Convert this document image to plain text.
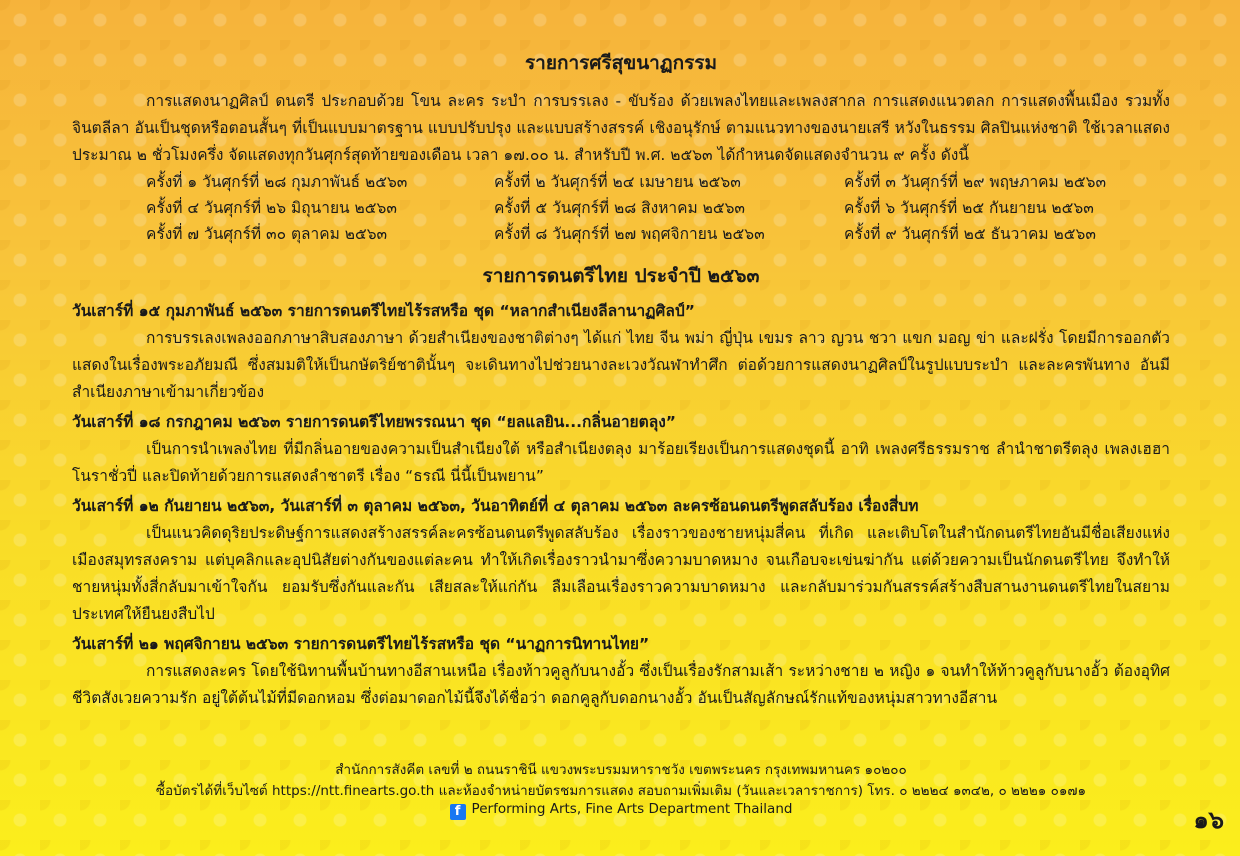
รายการศรีสุขนาฏกรรม

การแสดงนาฏศิลป์ ดนตรี ประกอบด้วย โขน ละคร ระบำ การบรรเลง - ขับร้อง ด้วยเพลงไทยและเพลงสากล การแสดงแนวตลก การแสดงพื้นเมือง รวมทั้งจินตลีลา อันเป็นชุดหรือตอนสั้นๆ ที่เป็นแบบมาตรฐาน แบบปรับปรุง และแบบสร้างสรรค์ เชิงอนุรักษ์ ตามแนวทางของนายเสรี หวังในธรรม ศิลปินแห่งชาติ ใช้เวลาแสดงประมาณ ๒ ชั่วโมงครึ่ง จัดแสดงทุกวันศุกร์สุดท้ายของเดือน เวลา ๑๗.๐๐ น. สำหรับปี พ.ศ. ๒๕๖๓ ได้กำหนดจัดแสดงจำนวน ๙ ครั้ง ดังนี้

ครั้งที่ ๑ วันศุกร์ที่ ๒๘ กุมภาพันธ์ ๒๕๖๓	ครั้งที่ ๒ วันศุกร์ที่ ๒๔ เมษายน ๒๕๖๓	ครั้งที่ ๓ วันศุกร์ที่ ๒๙ พฤษภาคม ๒๕๖๓
ครั้งที่ ๔ วันศุกร์ที่ ๒๖ มิถุนายน ๒๕๖๓	ครั้งที่ ๕ วันศุกร์ที่ ๒๘ สิงหาคม ๒๕๖๓	ครั้งที่ ๖ วันศุกร์ที่ ๒๕ กันยายน ๒๕๖๓
ครั้งที่ ๗ วันศุกร์ที่ ๓๐ ตุลาคม ๒๕๖๓	ครั้งที่ ๘ วันศุกร์ที่ ๒๗ พฤศจิกายน ๒๕๖๓	ครั้งที่ ๙ วันศุกร์ที่ ๒๕ ธันวาคม ๒๕๖๓
รายการดนตรีไทย ประจำปี ๒๕๖๓
วันเสาร์ที่ ๑๕ กุมภาพันธ์ ๒๕๖๓ รายการดนตรีไทยไร้รสหรือ ชุด “หลากสำเนียงลีลานาฏศิลป์”

การบรรเลงเพลงออกภาษาสิบสองภาษา ด้วยสำเนียงของชาติต่างๆ ได้แก่ ไทย จีน พม่า ญี่ปุ่น เขมร ลาว ญวน ชวา แขก มอญ ข่า และฝรั่ง โดยมีการออกตัวแสดงในเรื่องพระอภัยมณี ซึ่งสมมติให้เป็นกษัตริย์ชาตินั้นๆ จะเดินทางไปช่วยนางละเวงวัณฬาทำศึก ต่อด้วยการแสดงนาฏศิลป์ในรูปแบบระบำ และละครพันทาง อันมีสำเนียงภาษาเข้ามาเกี่ยวข้อง

วันเสาร์ที่ ๑๘ กรกฎาคม ๒๕๖๓ รายการดนตรีไทยพรรณนา ชุด “ยลแลยิน...กลิ่นอายตลุง”

เป็นการนำเพลงไทย ที่มีกลิ่นอายของความเป็นสำเนียงใต้ หรือสำเนียงตลุง มาร้อยเรียงเป็นการแสดงชุดนี้ อาทิ เพลงศรีธรรมราช ลำนำชาตรีตลุง เพลงเฮฮาโนราชั่วปี่ และปิดท้ายด้วยการแสดงลำชาตรี เรื่อง “ธรณี นี่นี้เป็นพยาน”

วันเสาร์ที่ ๑๒ กันยายน ๒๕๖๓, วันเสาร์ที่ ๓ ตุลาคม ๒๕๖๓, วันอาทิตย์ที่ ๔ ตุลาคม ๒๕๖๓ ละครซ้อนดนตรีพูดสลับร้อง เรื่องสี่บท

เป็นแนวคิดดุริยประดิษฐ์การแสดงสร้างสรรค์ละครซ้อนดนตรีพูดสลับร้อง เรื่องราวของชายหนุ่มสี่คน ที่เกิด และเติบโตในสำนักดนตรีไทยอันมีชื่อเสียงแห่งเมืองสมุทรสงคราม แต่บุคลิกและอุปนิสัยต่างกันของแต่ละคน ทำให้เกิดเรื่องราวนำมาซึ่งความบาดหมาง จนเกือบจะเข่นฆ่ากัน แต่ด้วยความเป็นนักดนตรีไทย จึงทำให้ชายหนุ่มทั้งสี่กลับมาเข้าใจกัน ยอมรับซึ่งกันและกัน เสียสละให้แก่กัน ลืมเลือนเรื่องราวความบาดหมาง และกลับมาร่วมกันสรรค์สร้างสืบสานงานดนตรีไทยในสยามประเทศให้ยืนยงสืบไป

วันเสาร์ที่ ๒๑ พฤศจิกายน ๒๕๖๓ รายการดนตรีไทยไร้รสหรือ ชุด “นาฏการนิทานไทย”

การแสดงละคร โดยใช้นิทานพื้นบ้านทางอีสานเหนือ เรื่องท้าวคูลูกับนางอั้ว ซึ่งเป็นเรื่องรักสามเส้า ระหว่างชาย ๒ หญิง ๑ จนทำให้ท้าวคูลูกับนางอั้ว ต้องอุทิศชีวิตสังเวยความรัก อยู่ใต้ต้นไม้ที่มีดอกหอม ซึ่งต่อมาดอกไม้นี้จึงได้ชื่อว่า ดอกคูลูกับดอกนางอั้ว อันเป็นสัญลักษณ์รักแท้ของหนุ่มสาวทางอีสาน

สำนักการสังคีต เลขที่ ๒ ถนนราชินี แขวงพระบรมมหาราชวัง เขตพระนคร กรุงเทพมหานคร ๑๐๒๐๐
ซื้อบัตรได้ที่เว็บไซต์ https://ntt.finearts.go.th และห้องจำหน่ายบัตรชมการแสดง สอบถามเพิ่มเติม (วันและเวลาราชการ) โทร. ๐ ๒๒๒๔ ๑๓๔๒, ๐ ๒๒๒๑ ๐๑๗๑
f Performing Arts, Fine Arts Department Thailand	๑๖
